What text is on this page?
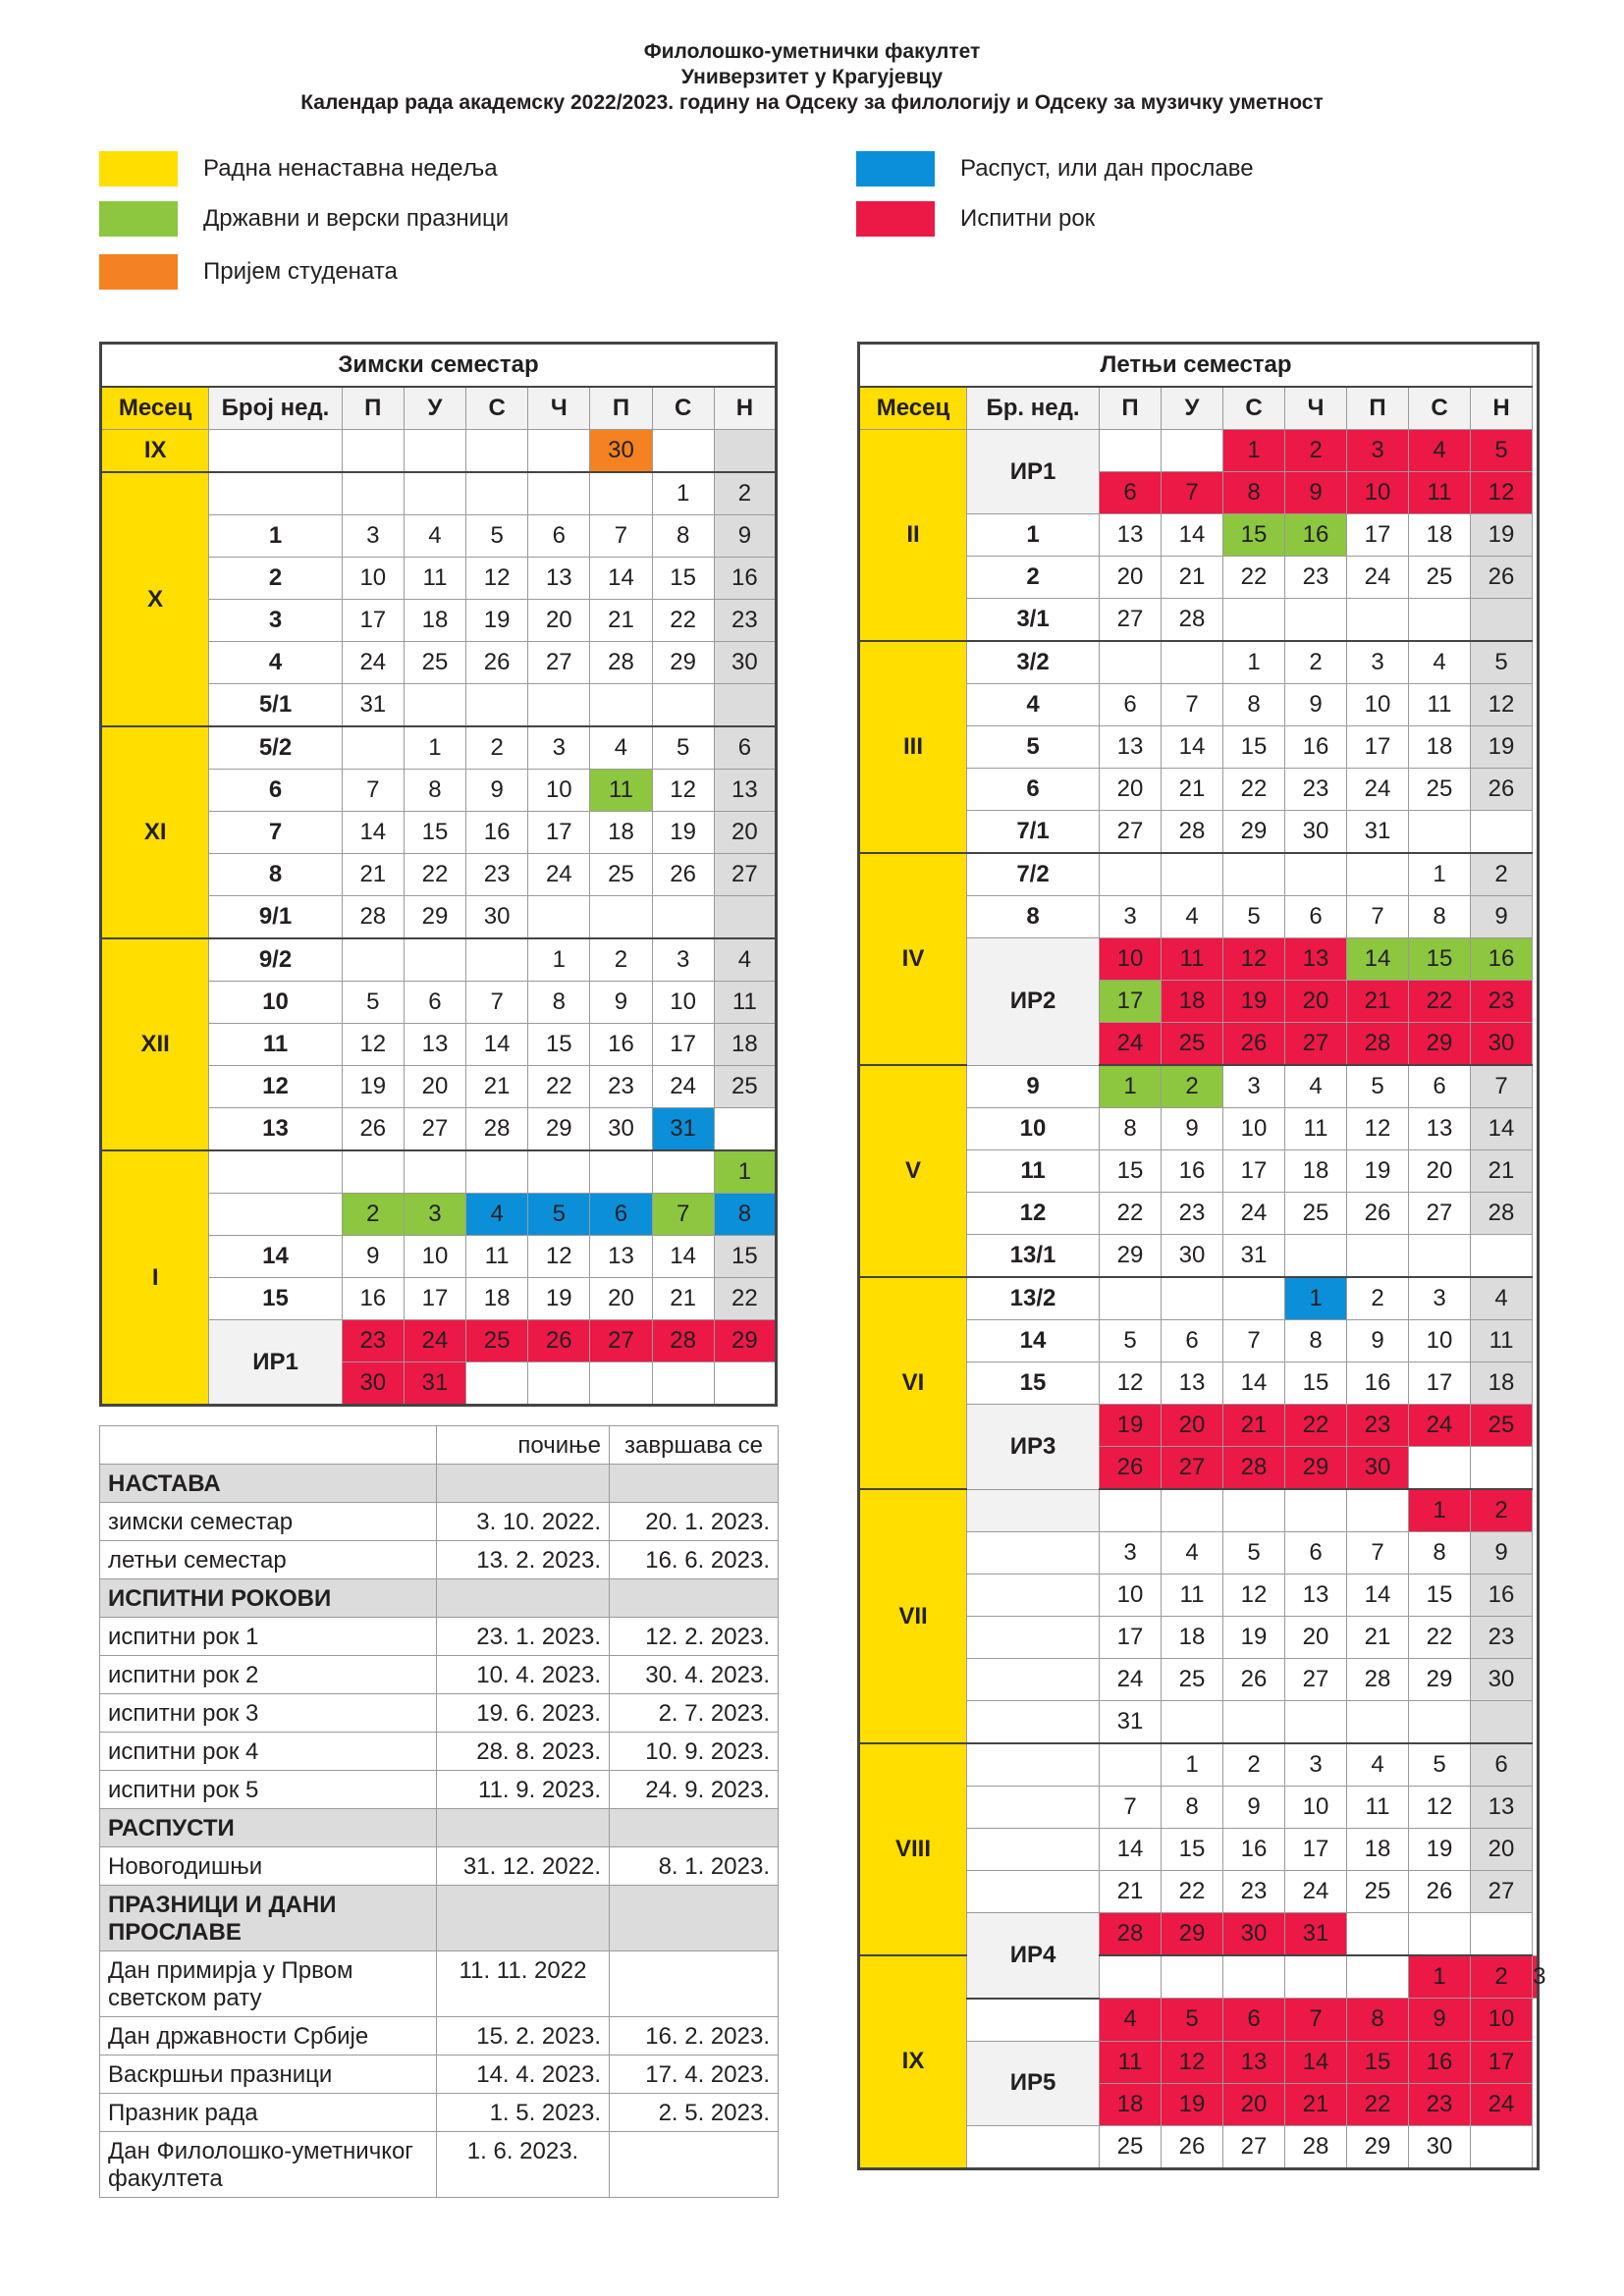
Филолошко-уметнички факултет
Универзитет у Крагујевцу
Календар рада академску 2022/2023. годину на Одсеку за филологију и Одсеку за музичку уметност
Радна ненаставна недеља
Државни и верски празници
Пријем студената
Распуст, или дан прославе
Испитни рок
Зимски семестар								
Месец	Број нед.	П	У	С	Ч	П	С	Н
IX						30		
X							1	2
	1	3	4	5	6	7	8	9
	2	10	11	12	13	14	15	16
	3	17	18	19	20	21	22	23
	4	24	25	26	27	28	29	30
	5/1	31						
XI	5/2		1	2	3	4	5	6
	6	7	8	9	10	11	12	13
	7	14	15	16	17	18	19	20
	8	21	22	23	24	25	26	27
	9/1	28	29	30				
XII	9/2				1	2	3	4
	10	5	6	7	8	9	10	11
	11	12	13	14	15	16	17	18
	12	19	20	21	22	23	24	25
	13	26	27	28	29	30	31	
I								1
		2	3	4	5	6	7	8
	14	9	10	11	12	13	14	15
	15	16	17	18	19	20	21	22
	ИР1	23	24	25	26	27	28	29
		30	31					
Летњи семестар									
Месец	Бр. нед.	П	У	С	Ч	П	С	Н	
II	ИР1			1	2	3	4	5	
		6	7	8	9	10	11	12	
	1	13	14	15	16	17	18	19	
	2	20	21	22	23	24	25	26	
	3/1	27	28						
III	3/2			1	2	3	4	5	
	4	6	7	8	9	10	11	12	
	5	13	14	15	16	17	18	19	
	6	20	21	22	23	24	25	26	
	7/1	27	28	29	30	31			
IV	7/2						1	2	
	8	3	4	5	6	7	8	9	
	ИР2	10	11	12	13	14	15	16	
		17	18	19	20	21	22	23	
		24	25	26	27	28	29	30	
V	9	1	2	3	4	5	6	7	
	10	8	9	10	11	12	13	14	
	11	15	16	17	18	19	20	21	
	12	22	23	24	25	26	27	28	
	13/1	29	30	31					
VI	13/2				1	2	3	4	
	14	5	6	7	8	9	10	11	
	15	12	13	14	15	16	17	18	
	ИР3	19	20	21	22	23	24	25	
		26	27	28	29	30			
VII							1	2	
		3	4	5	6	7	8	9	
		10	11	12	13	14	15	16	
		17	18	19	20	21	22	23	
		24	25	26	27	28	29	30	
		31							
VIII			1	2	3	4	5	6	
		7	8	9	10	11	12	13	
		14	15	16	17	18	19	20	
		21	22	23	24	25	26	27	
	ИР4	28	29	30	31				
IX							1	2	3
		4	5	6	7	8	9	10	
	ИР5	11	12	13	14	15	16	17	
		18	19	20	21	22	23	24	
		25	26	27	28	29	30		
	почиње	завршава се
НАСТАВА		
зимски семестар	3. 10. 2022.	20. 1. 2023.
летњи семестар	13. 2. 2023.	16. 6. 2023.
ИСПИТНИ РОКОВИ		
испитни рок 1	23. 1. 2023.	12. 2. 2023.
испитни рок 2	10. 4. 2023.	30. 4. 2023.
испитни рок 3	19. 6. 2023.	2. 7. 2023.
испитни рок 4	28. 8. 2023.	10. 9. 2023.
испитни рок 5	11. 9. 2023.	24. 9. 2023.
РАСПУСТИ		
Новогодишњи	31. 12. 2022.	8. 1. 2023.
ПРАЗНИЦИ И ДАНИ ПРОСЛАВЕ		
Дан примирја у Првом светском рату	11. 11. 2022	
Дан државности Србије	15. 2. 2023.	16. 2. 2023.
Васкршњи празници	14. 4. 2023.	17. 4. 2023.
Празник рада	1. 5. 2023.	2. 5. 2023.
Дан Филолошко-уметничког факултета	1. 6. 2023.	
